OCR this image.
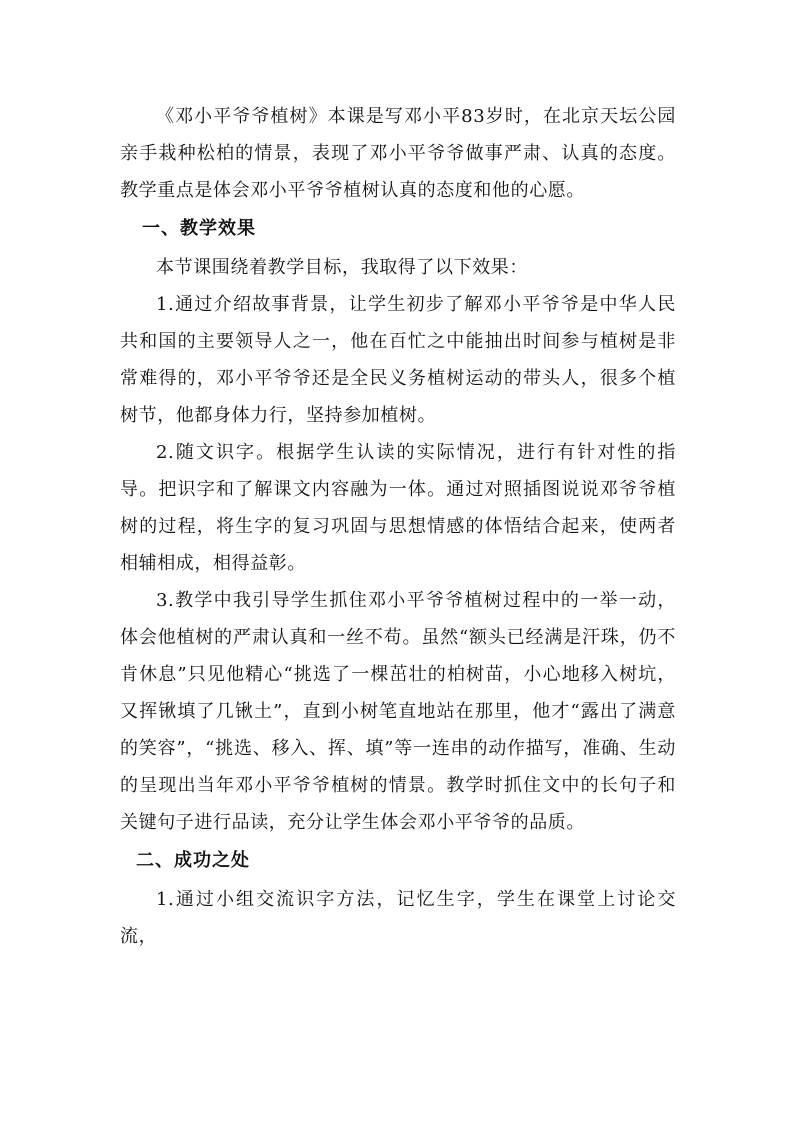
《邓小平爷爷植树》本课是写邓小平83岁时，在北京天坛公园亲手栽种松柏的情景，表现了邓小平爷爷做事严肃、认真的态度。教学重点是体会邓小平爷爷植树认真的态度和他的心愿。

一、教学效果

本节课围绕着教学目标，我取得了以下效果：

1.通过介绍故事背景，让学生初步了解邓小平爷爷是中华人民共和国的主要领导人之一，他在百忙之中能抽出时间参与植树是非常难得的，邓小平爷爷还是全民义务植树运动的带头人，很多个植树节，他都身体力行，坚持参加植树。

2.随文识字。根据学生认读的实际情况，进行有针对性的指导。把识字和了解课文内容融为一体。通过对照插图说说邓爷爷植树的过程，将生字的复习巩固与思想情感的体悟结合起来，使两者相辅相成，相得益彰。

3.教学中我引导学生抓住邓小平爷爷植树过程中的一举一动，体会他植树的严肃认真和一丝不苟。虽然“额头已经满是汗珠，仍不肯休息”只见他精心“挑选了一棵茁壮的柏树苗，小心地移入树坑，又挥锹填了几锹土”，直到小树笔直地站在那里，他才“露出了满意的笑容”，“挑选、移入、挥、填”等一连串的动作描写，准确、生动的呈现出当年邓小平爷爷植树的情景。教学时抓住文中的长句子和关键句子进行品读，充分让学生体会邓小平爷爷的品质。

二、成功之处

1.通过小组交流识字方法，记忆生字，学生在课堂上讨论交流，
